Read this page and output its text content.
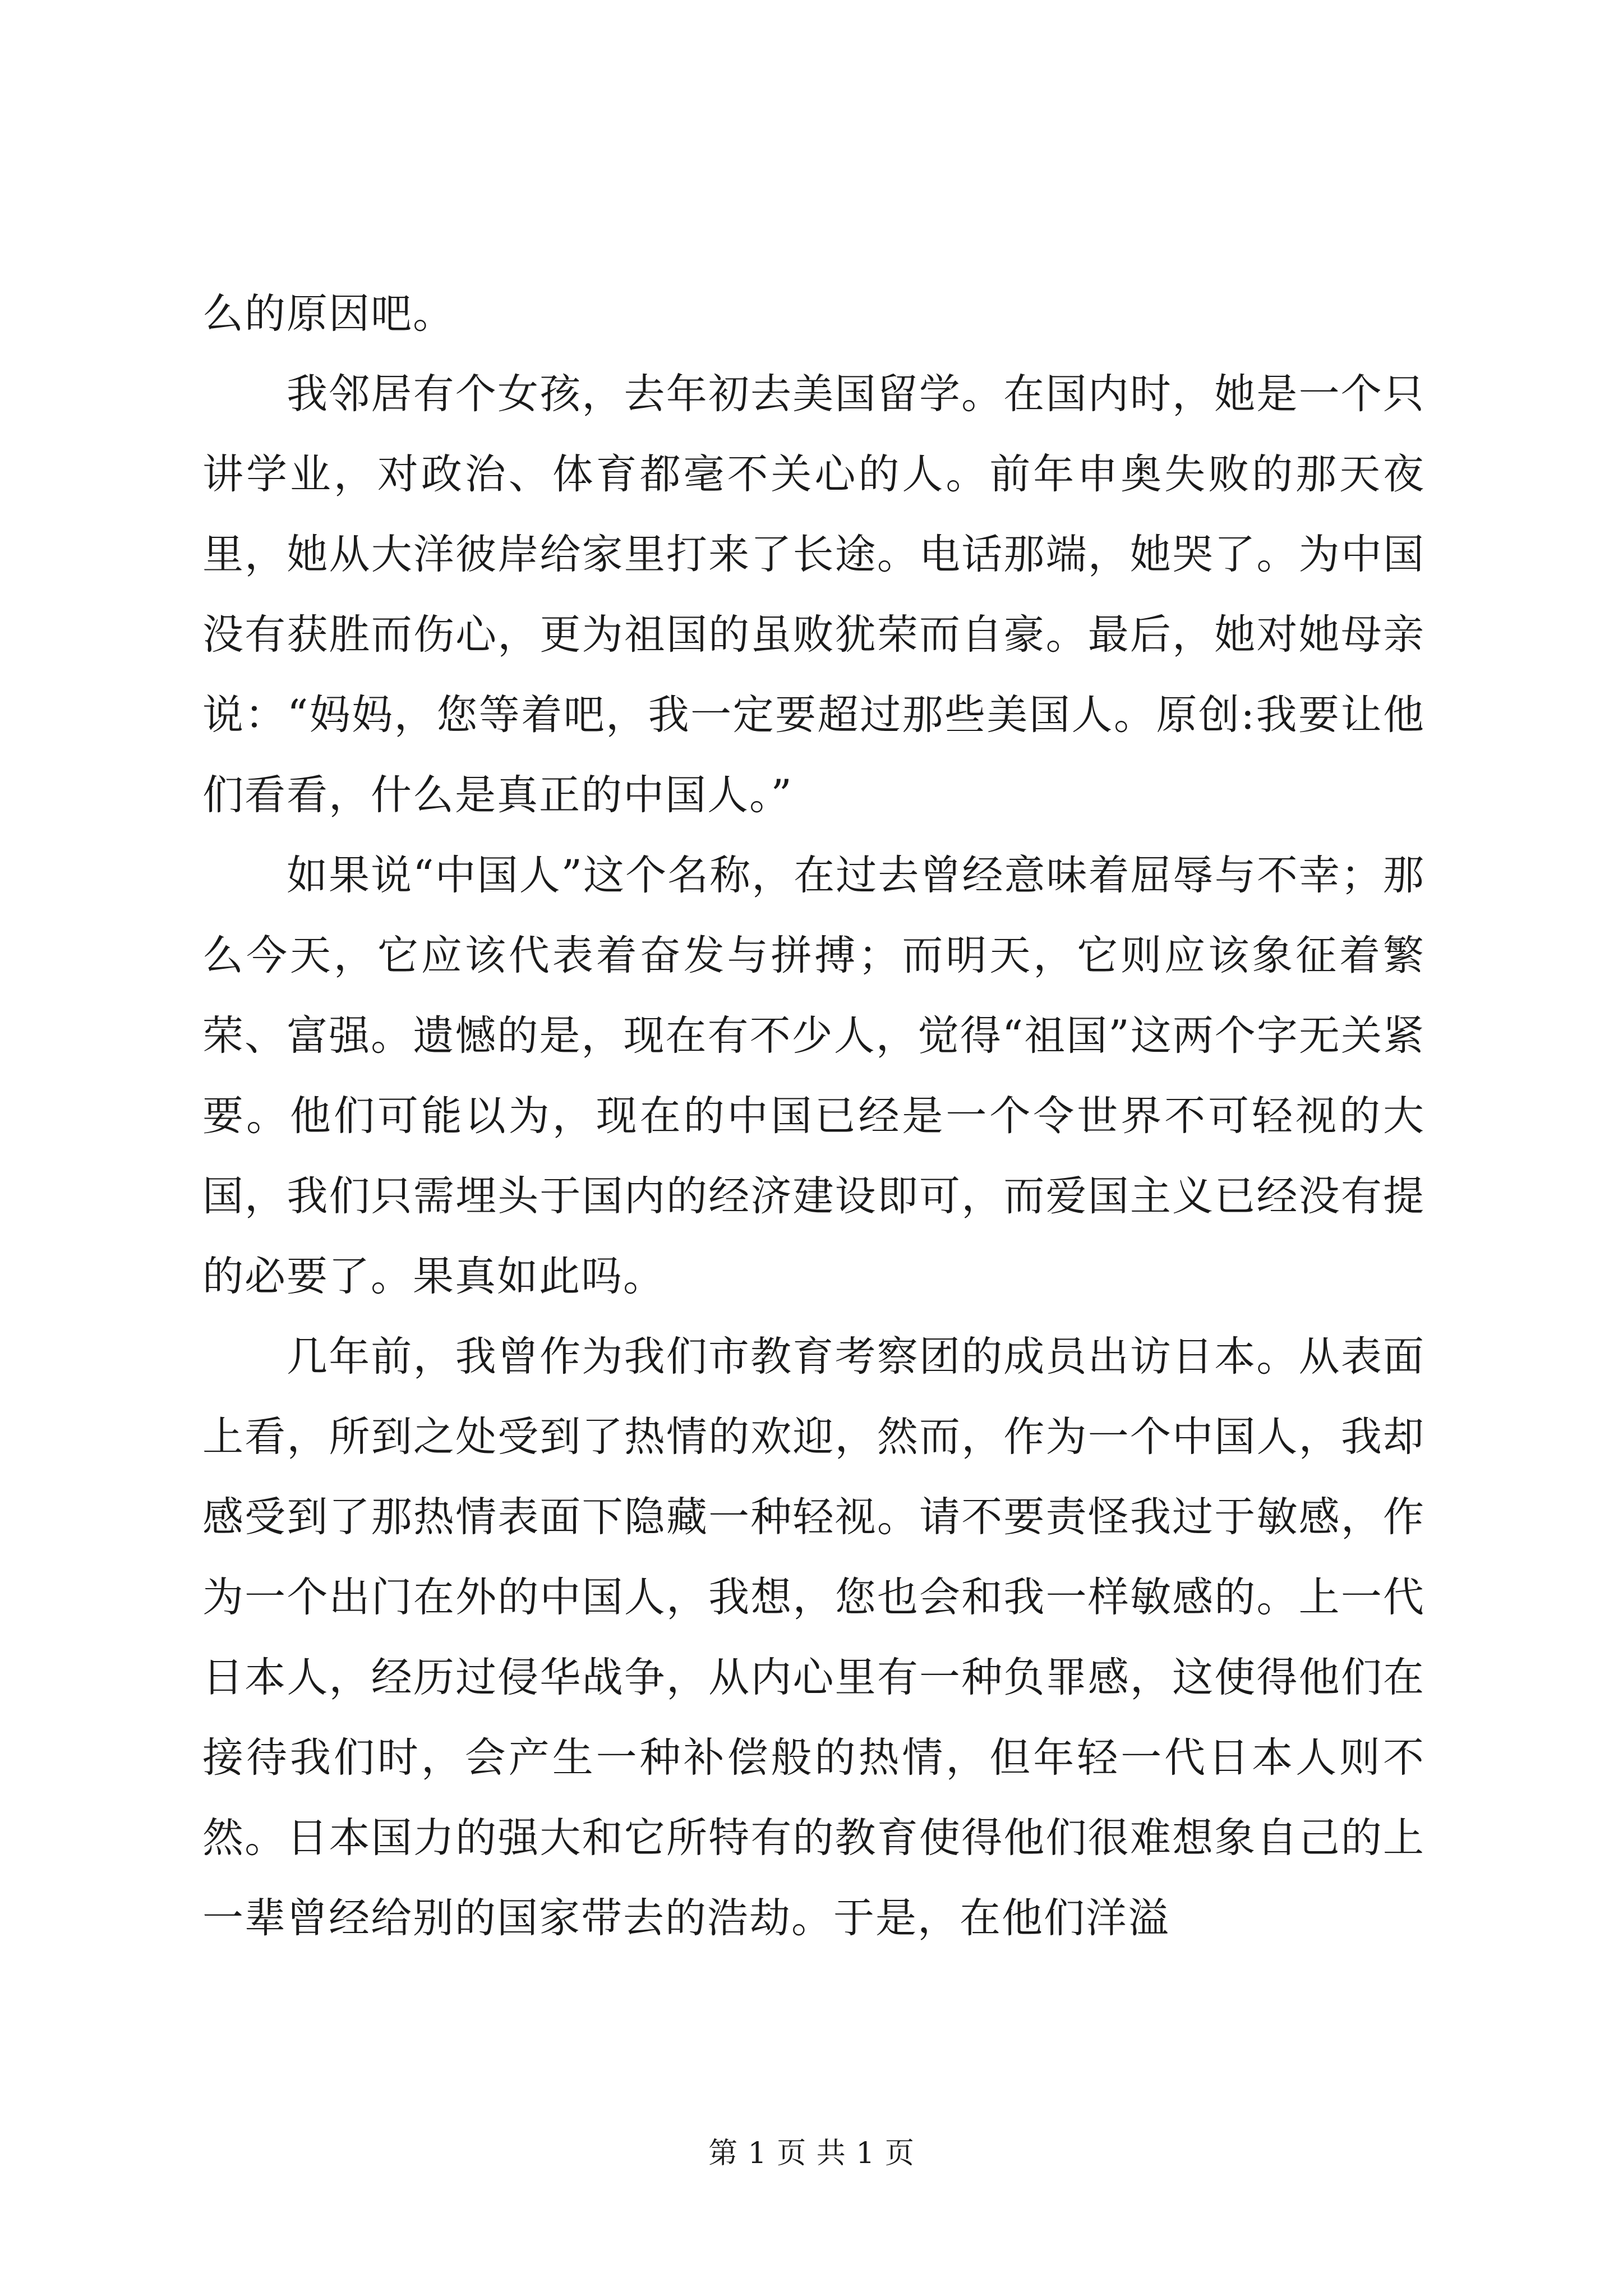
么的原因吧。

我邻居有个女孩，去年初去美国留学。在国内时，她是一个只讲学业，对政治、体育都毫不关心的人。前年申奥失败的那天夜里，她从大洋彼岸给家里打来了长途。电话那端，她哭了。为中国没有获胜而伤心，更为祖国的虽败犹荣而自豪。最后，她对她母亲说：“妈妈，您等着吧，我一定要超过那些美国人。原创:我要让他们看看，什么是真正的中国人。”

如果说“中国人”这个名称，在过去曾经意味着屈辱与不幸；那么今天，它应该代表着奋发与拼搏；而明天，它则应该象征着繁荣、富强。遗憾的是，现在有不少人，觉得“祖国”这两个字无关紧要。他们可能以为，现在的中国已经是一个令世界不可轻视的大国，我们只需埋头于国内的经济建设即可，而爱国主义已经没有提的必要了。果真如此吗。

几年前，我曾作为我们市教育考察团的成员出访日本。从表面上看，所到之处受到了热情的欢迎，然而，作为一个中国人，我却感受到了那热情表面下隐藏一种轻视。请不要责怪我过于敏感，作为一个出门在外的中国人，我想，您也会和我一样敏感的。上一代日本人，经历过侵华战争，从内心里有一种负罪感，这使得他们在接待我们时，会产生一种补偿般的热情，但年轻一代日本人则不然。日本国力的强大和它所特有的教育使得他们很难想象自己的上一辈曾经给别的国家带去的浩劫。于是，在他们洋溢

第 1 页 共 1 页
